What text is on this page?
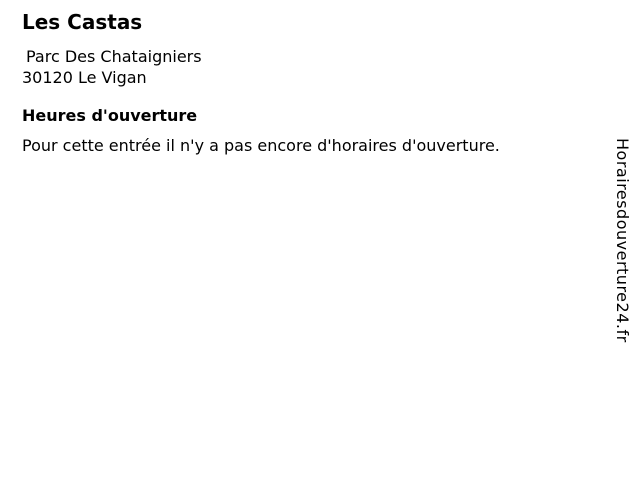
Les Castas
Parc Des Chataigniers
30120 Le Vigan
Heures d'ouverture

Pour cette entrée il n'y a pas encore d'horaires d'ouverture.	Horairesdouverture24.fr
